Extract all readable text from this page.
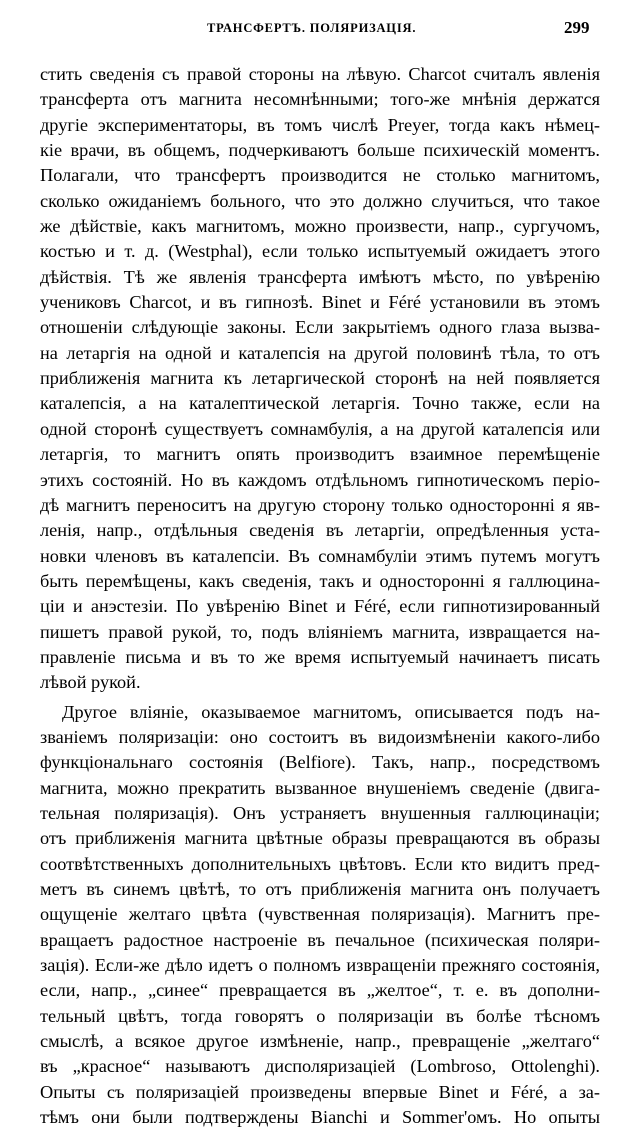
ТРАНСФЕРТЪ. ПОЛЯРИЗАЦІЯ.	299
стить сведенія съ правой стороны на лѣвую. Charcot считалъ явленія
трансферта отъ магнита несомнѣнными; того-же мнѣнія держатся
другіе экспериментаторы, въ томъ числѣ Preyer, тогда какъ нѣмец-
кіе врачи, въ общемъ, подчеркиваютъ больше психическій моментъ.
Полагали, что трансфертъ производится не столько магнитомъ,
сколько ожиданіемъ больного, что это должно случиться, что такое
же дѣйствіе, какъ магнитомъ, можно произвести, напр., сургучомъ,
костью и т. д. (Westphal), если только испытуемый ожидаетъ этого
дѣйствія. Тѣ же явленія трансферта имѣютъ мѣсто, по увѣренію
учениковъ Charcot, и въ гипнозѣ. Binet и Féré установили въ этомъ
отношеніи слѣдующіе законы. Если закрытіемъ одного глаза вызва-
на летаргія на одной и каталепсія на другой половинѣ тѣла, то отъ
приближенія магнита къ летаргической сторонѣ на ней появляется
каталепсія, а на каталептической летаргія. Точно также, если на
одной сторонѣ существуетъ сомнамбулія, а на другой каталепсія или
летаргія, то магнитъ опять производитъ взаимное перемѣщеніе
этихъ состояній. Но въ каждомъ отдѣльномъ гипнотическомъ періо-
дѣ магнитъ переноситъ на другую сторону только односторонні я яв-
ленія, напр., отдѣльныя сведенія въ летаргіи, опредѣленныя уста-
новки членовъ въ каталепсіи. Въ сомнамбуліи этимъ путемъ могутъ
быть перемѣщены, какъ сведенія, такъ и односторонні я галлюцина-
ціи и анэстезіи. По увѣренію Binet и Féré, если гипнотизированный
пишетъ правой рукой, то, подъ вліяніемъ магнита, извращается на-
правленіе письма и въ то же время испытуемый начинаетъ писать
лѣвой рукой.
Другое вліяніе, оказываемое магнитомъ, описывается подъ на-
званіемъ поляризаціи: оно состоитъ въ видоизмѣненіи какого-либо
функціональнаго состоянія (Belfiore). Такъ, напр., посредствомъ
магнита, можно прекратить вызванное внушеніемъ сведеніе (двига-
тельная поляризація). Онъ устраняетъ внушенныя галлюцинаціи;
отъ приближенія магнита цвѣтные образы превращаются въ образы
соотвѣтственныхъ дополнительныхъ цвѣтовъ. Если кто видитъ пред-
метъ въ синемъ цвѣтѣ, то отъ приближенія магнита онъ получаетъ
ощущеніе желтаго цвѣта (чувственная поляризація). Магнитъ пре-
вращаетъ радостное настроеніе въ печальное (психическая поляри-
зація). Если-же дѣло идетъ о полномъ извращеніи прежняго состоянія,
если, напр., „синее“ превращается въ „желтое“, т. е. въ дополни-
тельный цвѣтъ, тогда говорятъ о поляризаціи въ болѣе тѣсномъ
смыслѣ, а всякое другое измѣненіе, напр., превращеніе „желтаго“
въ „красное“ называютъ диcполяризаціей (Lombroso, Ottolenghi).
Опыты съ поляризаціей произведены впервые Binet и Féré, а за-
тѣмъ они были подтверждены Bianchi и Sommer'омъ. Но опыты
